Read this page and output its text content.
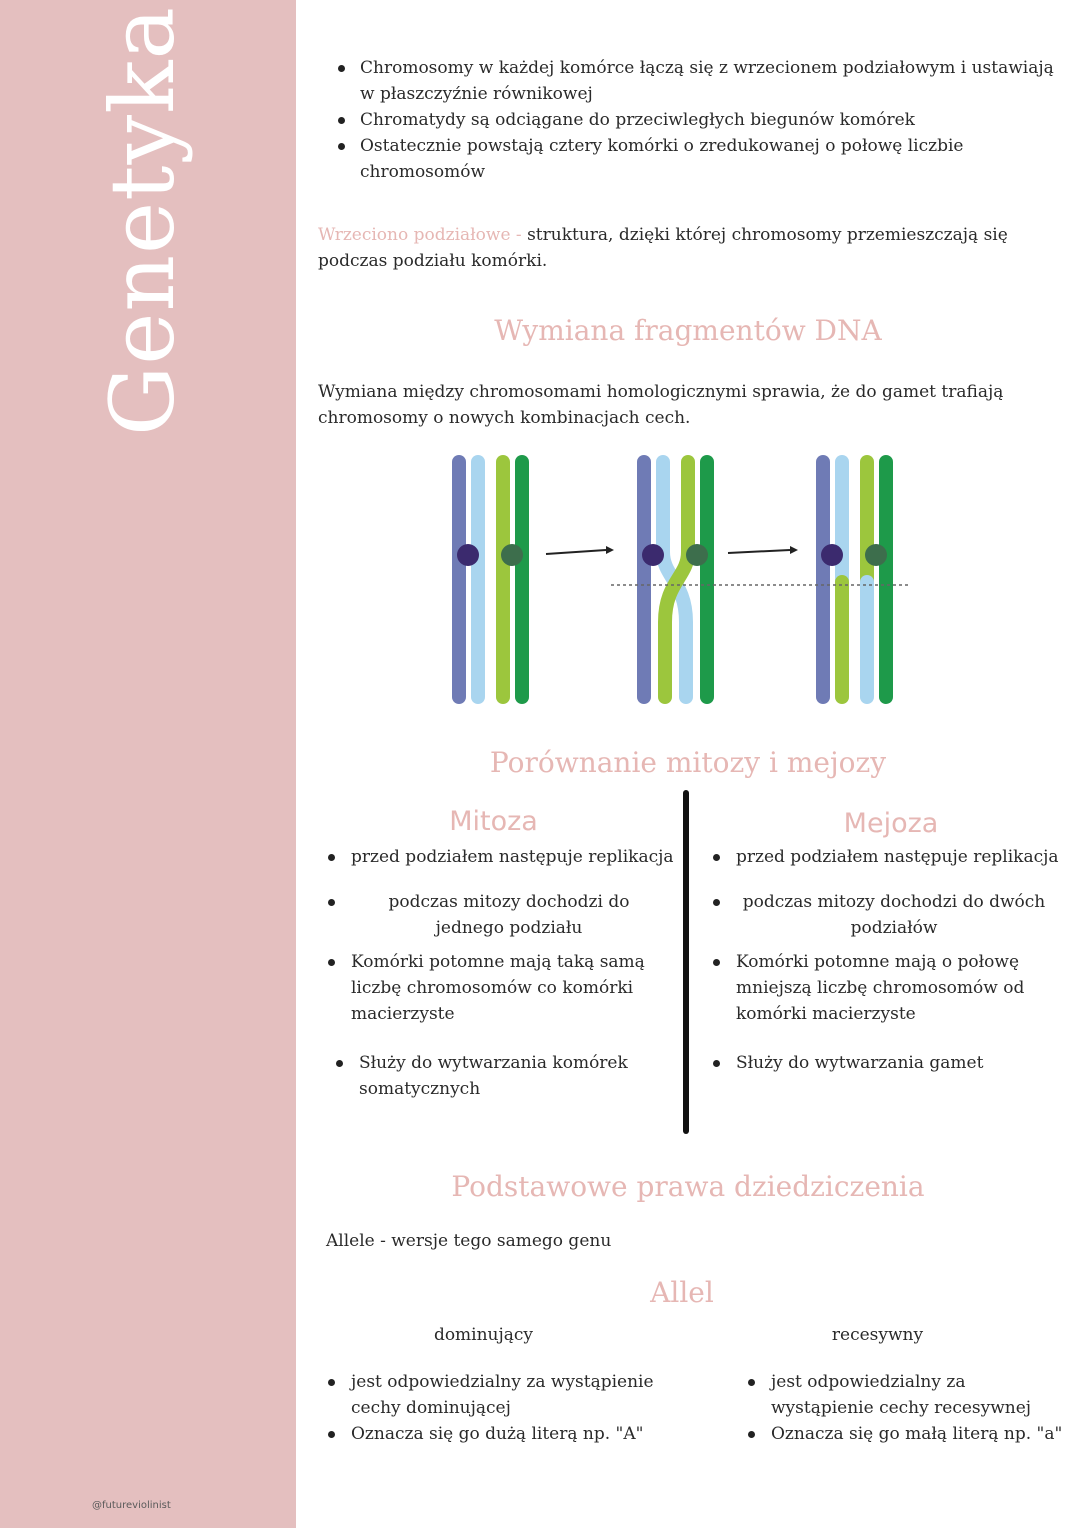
Genetyka
@futureviolinist
Chromosomy w każdej komórce łączą się z wrzecionem podziałowym i ustawiają w płaszczyźnie równikowej
Chromatydy są odciągane do przeciwległych biegunów komórek
Ostatecznie powstają cztery komórki o zredukowanej o połowę liczbie chromosomów
Wrzeciono podziałowe - struktura, dzięki której chromosomy przemieszczają się podczas podziału komórki.
Wymiana fragmentów DNA
Wymiana między chromosomami homologicznymi sprawia, że do gamet trafiają chromosomy o nowych kombinacjach cech.
Porównanie mitozy i mejozy
Mitoza	Mejoza
przed podziałem następuje replikacja
podczas mitozy dochodzi do jednego podziału
Komórki potomne mają taką samą liczbę chromosomów co komórki macierzyste
Służy do wytwarzania komórek somatycznych
przed podziałem następuje replikacja
podczas mitozy dochodzi do dwóch podziałów
Komórki potomne mają o połowę mniejszą liczbę chromosomów od komórki macierzyste
Służy do wytwarzania gamet
Podstawowe prawa dziedziczenia
Allele - wersje tego samego genu
Allel
dominujący	recesywny
jest odpowiedzialny za wystąpienie cechy dominującej
Oznacza się go dużą literą np. "A"
jest odpowiedzialny za wystąpienie cechy recesywnej
Oznacza się go małą literą np. "a"
